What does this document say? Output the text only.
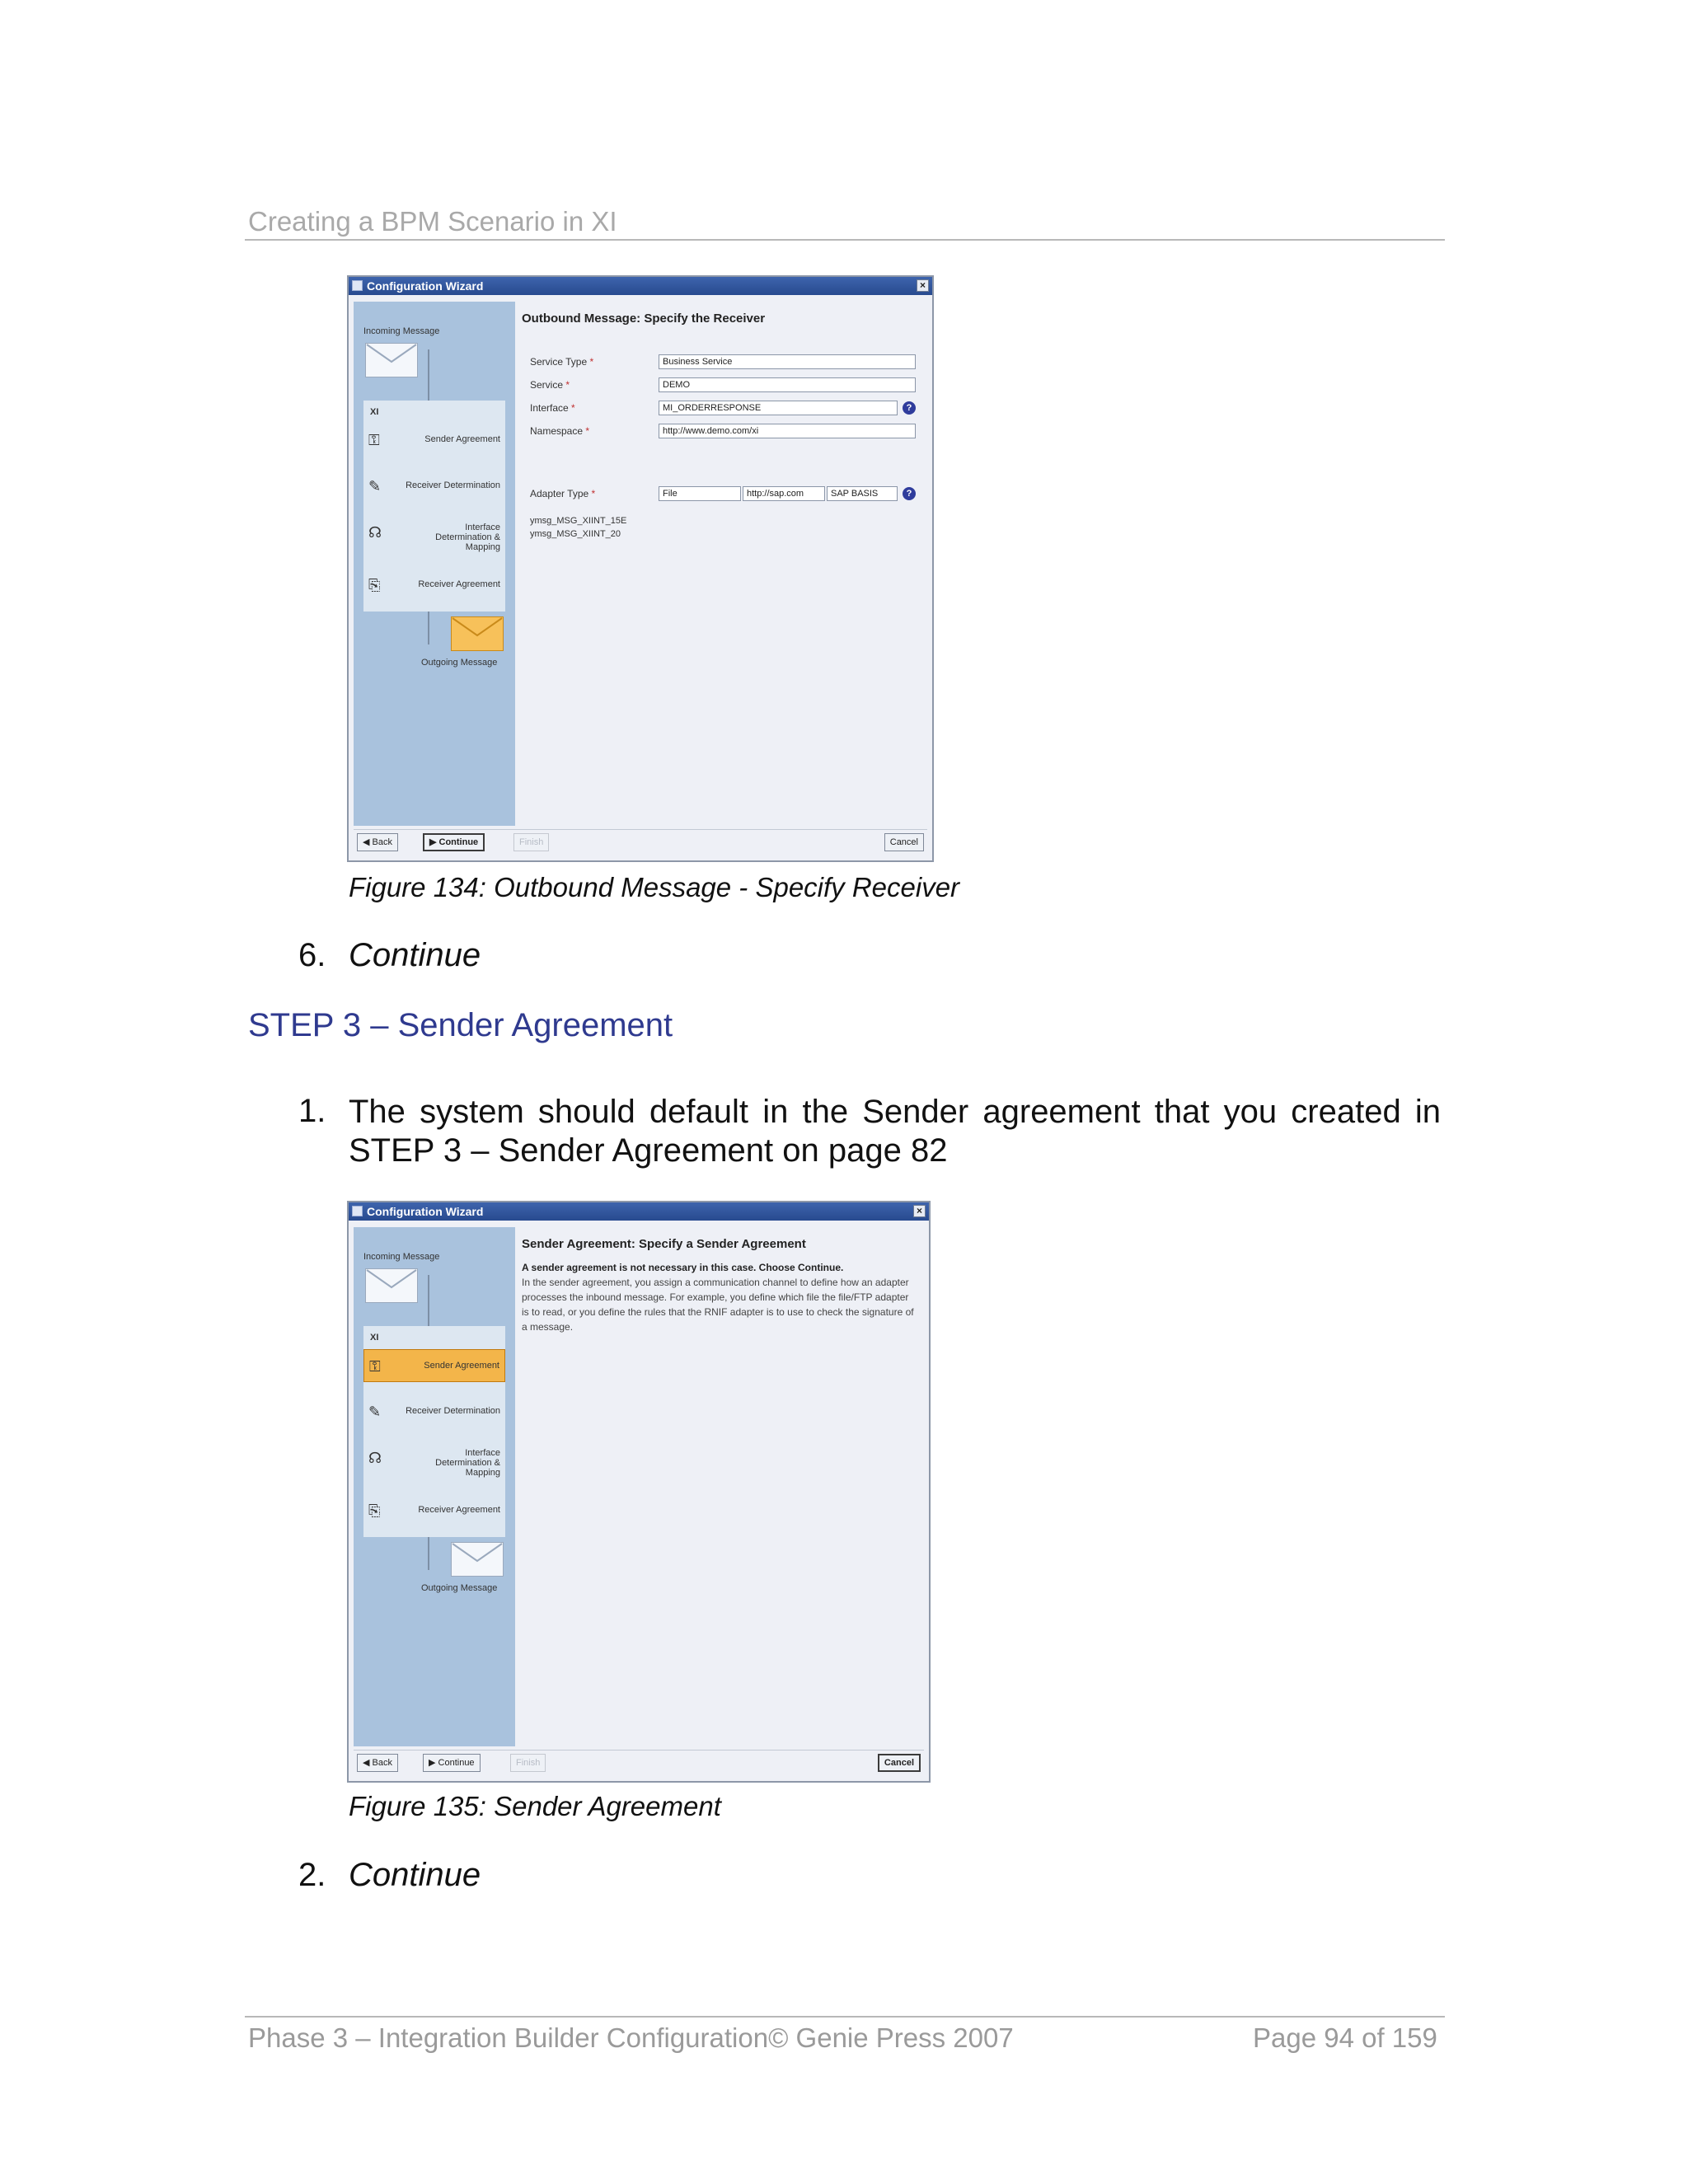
Creating a BPM Scenario in XI
Configuration Wizard	×
Incoming Message
XI
⚿	Sender Agreement
✎	Receiver Determination
☊	Interface Determination & Mapping
⎘	Receiver Agreement
Outgoing Message
Outbound Message: Specify the Receiver
Service Type *	Business Service
Service *	DEMO
Interface *	MI_ORDERRESPONSE	?
Namespace *	http://www.demo.com/xi
Adapter Type *	File	http://sap.com	SAP BASIS	?
ymsg_MSG_XIINT_15E
ymsg_MSG_XIINT_20
◀ Back	▶ Continue	Finish	Cancel
Figure 134: Outbound Message - Specify Receiver
6. Continue
STEP 3 – Sender Agreement
1. The system should default in the Sender agreement that you created in STEP 3 – Sender Agreement on page 82
Configuration Wizard	×
Incoming Message
XI
⚿	Sender Agreement
✎	Receiver Determination
☊	Interface Determination & Mapping
⎘	Receiver Agreement
Outgoing Message
Sender Agreement: Specify a Sender Agreement
A sender agreement is not necessary in this case. Choose Continue.
In the sender agreement, you assign a communication channel to define how an adapter processes the inbound message. For example, you define which file the file/FTP adapter is to read, or you define the rules that the RNIF adapter is to use to check the signature of a message.
◀ Back	▶ Continue	Finish	Cancel
Figure 135: Sender Agreement
2. Continue
Phase 3 – Integration Builder Configuration© Genie Press 2007	Page 94 of 159
